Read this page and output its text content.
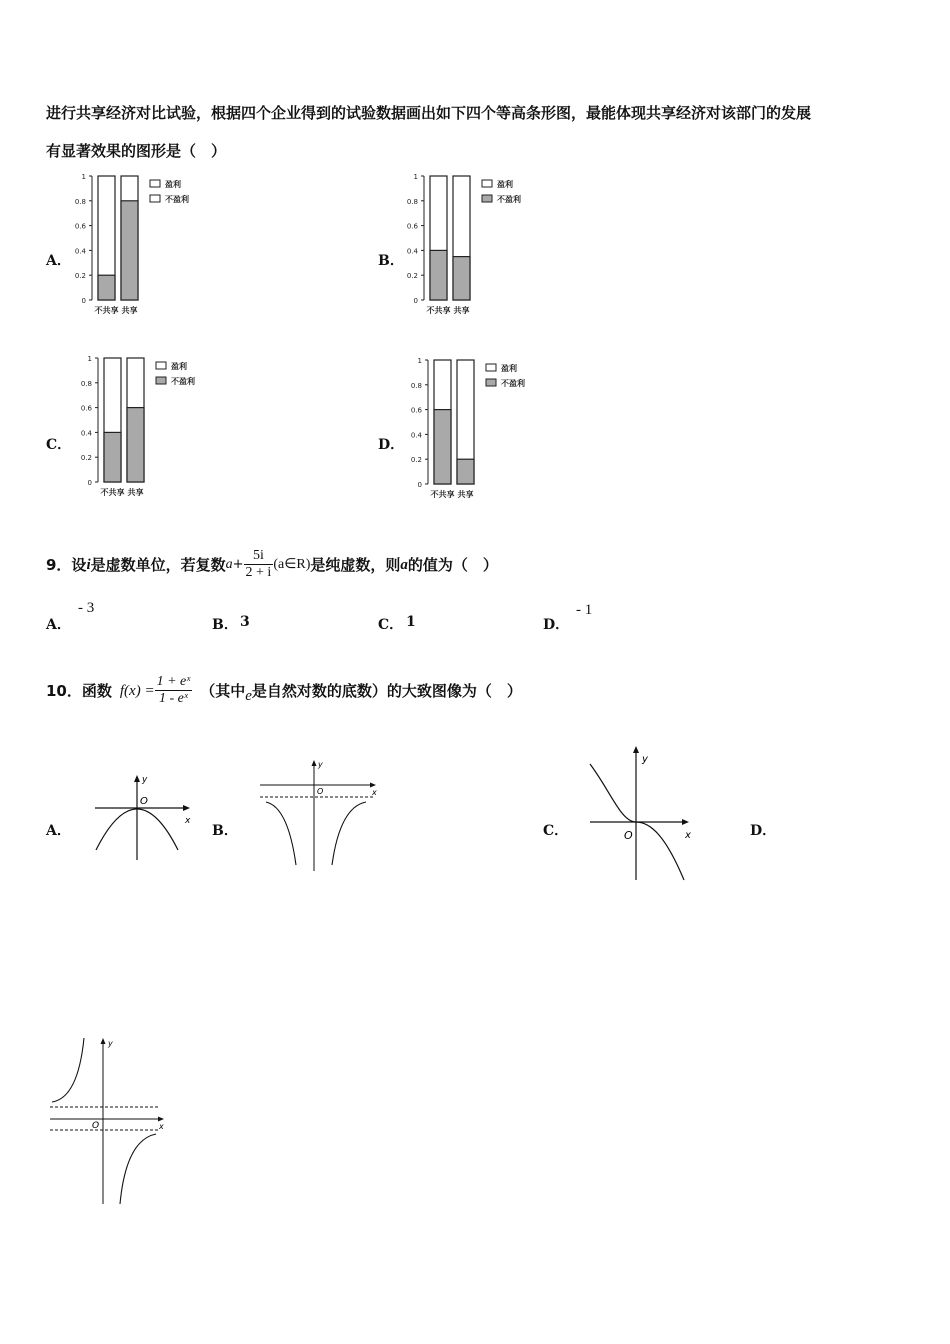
进行共享经济对比试验，根据四个企业得到的试验数据画出如下四个等高条形图，最能体现共享经济对该部门的发展
有显著效果的图形是（　）
A．	B．
C．	D．
0
0.2
0.4
0.6
0.8
1
不共享 共享
盈利
不盈利
0
0.2
0.4
0.6
0.8
1
不共享 共享
盈利
不盈利
0
0.2
0.4
0.6
0.8
1
不共享 共享
盈利
不盈利
0
0.2
0.4
0.6
0.8
1
不共享 共享
盈利
不盈利
9．设 i 是虚数单位，若复数 $a + \frac{5i}{2 + i}$ (a∈R) 是纯虚数，则 a 的值为（　）
A．
- 3
B． 3	C． 1	D．
- 1
10．函数 $f(x) = \frac{\text{1 + eˣ}}{\text{1 - eˣ}}$ （其中 e 是自然对数的底数）的大致图像为（　）
A．	B．	C．	D．
y
x
O
y
x
O
y
x
O
y
x
O
